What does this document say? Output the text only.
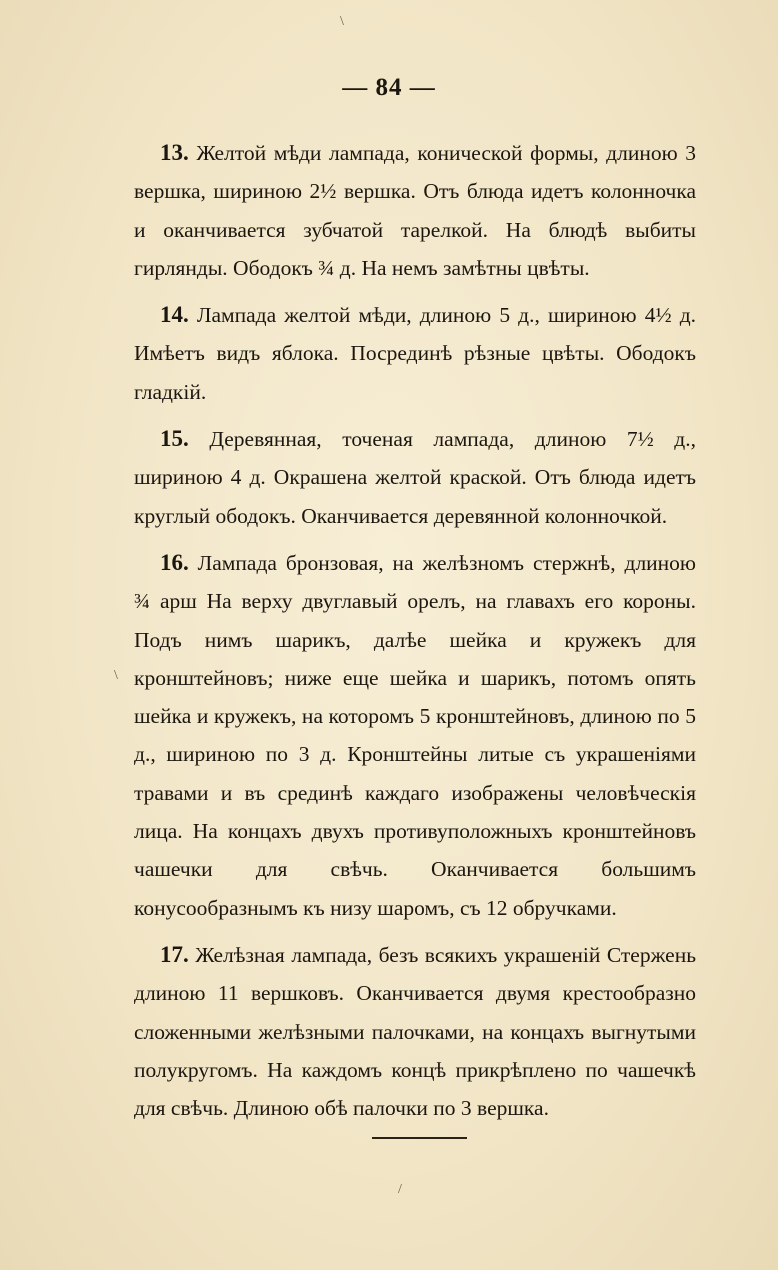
\
\
/
— 84 —

13. Желтой мѣди лампада, конической формы, длиною 3 вершка, шириною 2½ вершка. Отъ блюда идетъ колонночка и оканчивается зубчатой тарелкой. На блюдѣ выбиты гирлянды. Ободокъ ¾ д. На немъ замѣтны цвѣты.

14. Лампада желтой мѣди, длиною 5 д., шириною 4½ д. Имѣетъ видъ яблока. Посрединѣ рѣзные цвѣты. Ободокъ гладкій.

15. Деревянная, точеная лампада, длиною 7½ д., шириною 4 д. Окрашена желтой краской. Отъ блюда идетъ круглый ободокъ. Оканчивается деревянной колонночкой.

16. Лампада бронзовая, на желѣзномъ стержнѣ, длиною ¾ арш На верху двуглавый орелъ, на главахъ его короны. Подъ нимъ шарикъ, далѣе шейка и кружекъ для кронштейновъ; ниже еще шейка и шарикъ, потомъ опять шейка и кружекъ, на которомъ 5 кронштейновъ, длиною по 5 д., шириною по 3 д. Кронштейны литые съ украшеніями травами и въ срединѣ каждаго изображены человѣческія лица. На концахъ двухъ противуположныхъ кронштейновъ чашечки для свѣчь. Оканчивается большимъ конусообразнымъ къ низу шаромъ, съ 12 обручками.

17. Желѣзная лампада, безъ всякихъ украшеній Стержень длиною 11 вершковъ. Оканчивается двумя крестообразно сложенными желѣзными палочками, на концахъ выгнутыми полукругомъ. На каждомъ концѣ прикрѣплено по чашечкѣ для свѣчь. Длиною обѣ палочки по 3 вершка.
